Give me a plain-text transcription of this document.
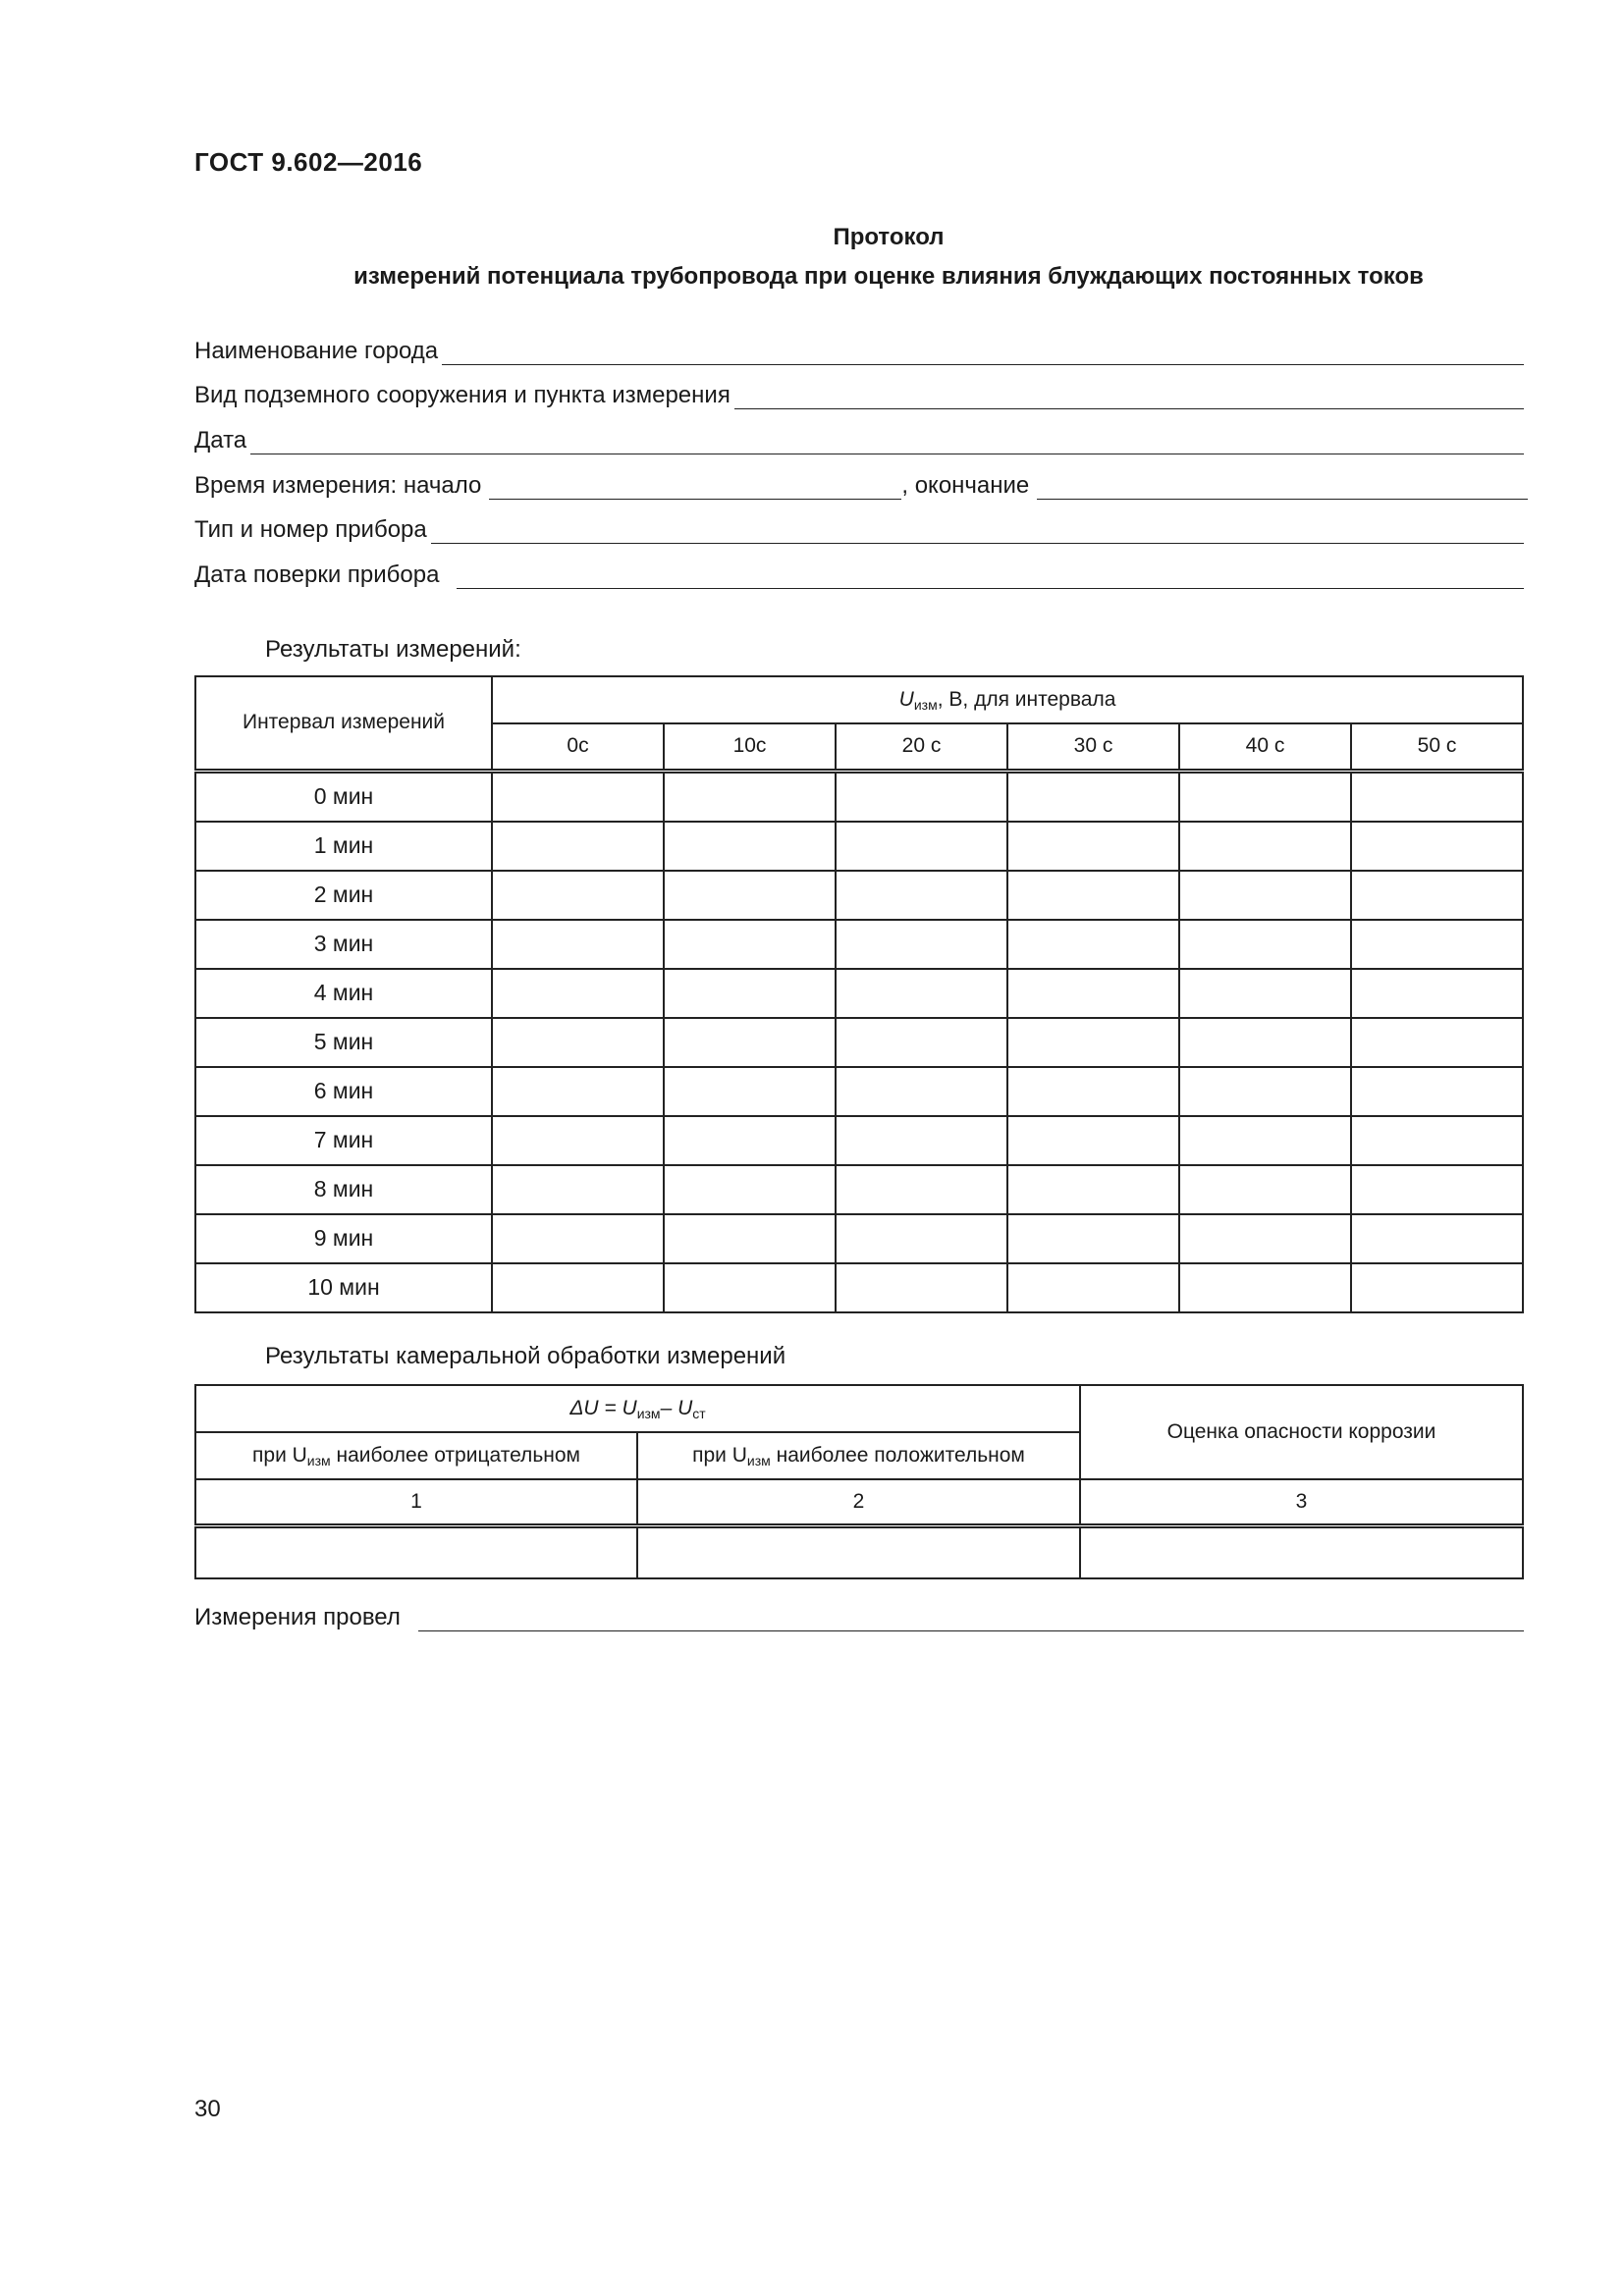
ГОСТ 9.602—2016
Протокол
измерений потенциала трубопровода при оценке влияния блуждающих постоянных токов
Наименование города
Вид подземного сооружения и пункта измерения
Дата
Время измерения: начало	, окончание
Тип и номер прибора
Дата поверки прибора
Результаты измерений:
Интервал измерений	$U_{изм}$, В, для интервала					
	0с	10с	20 с	30 с	40 с	50 с
0 мин						
1 мин						
2 мин						
3 мин						
4 мин						
5 мин						
6 мин						
7 мин						
8 мин						
9 мин						
10 мин						
Результаты камеральной обработки измерений
$\Delta U = U_{изм}-$ $U_{ст}$		Оценка опасности коррозии
при $U_{изм}$ наиболее отрицательном	при $U_{изм}$ наиболее положительном	
1	2	3

Измерения провел
30
